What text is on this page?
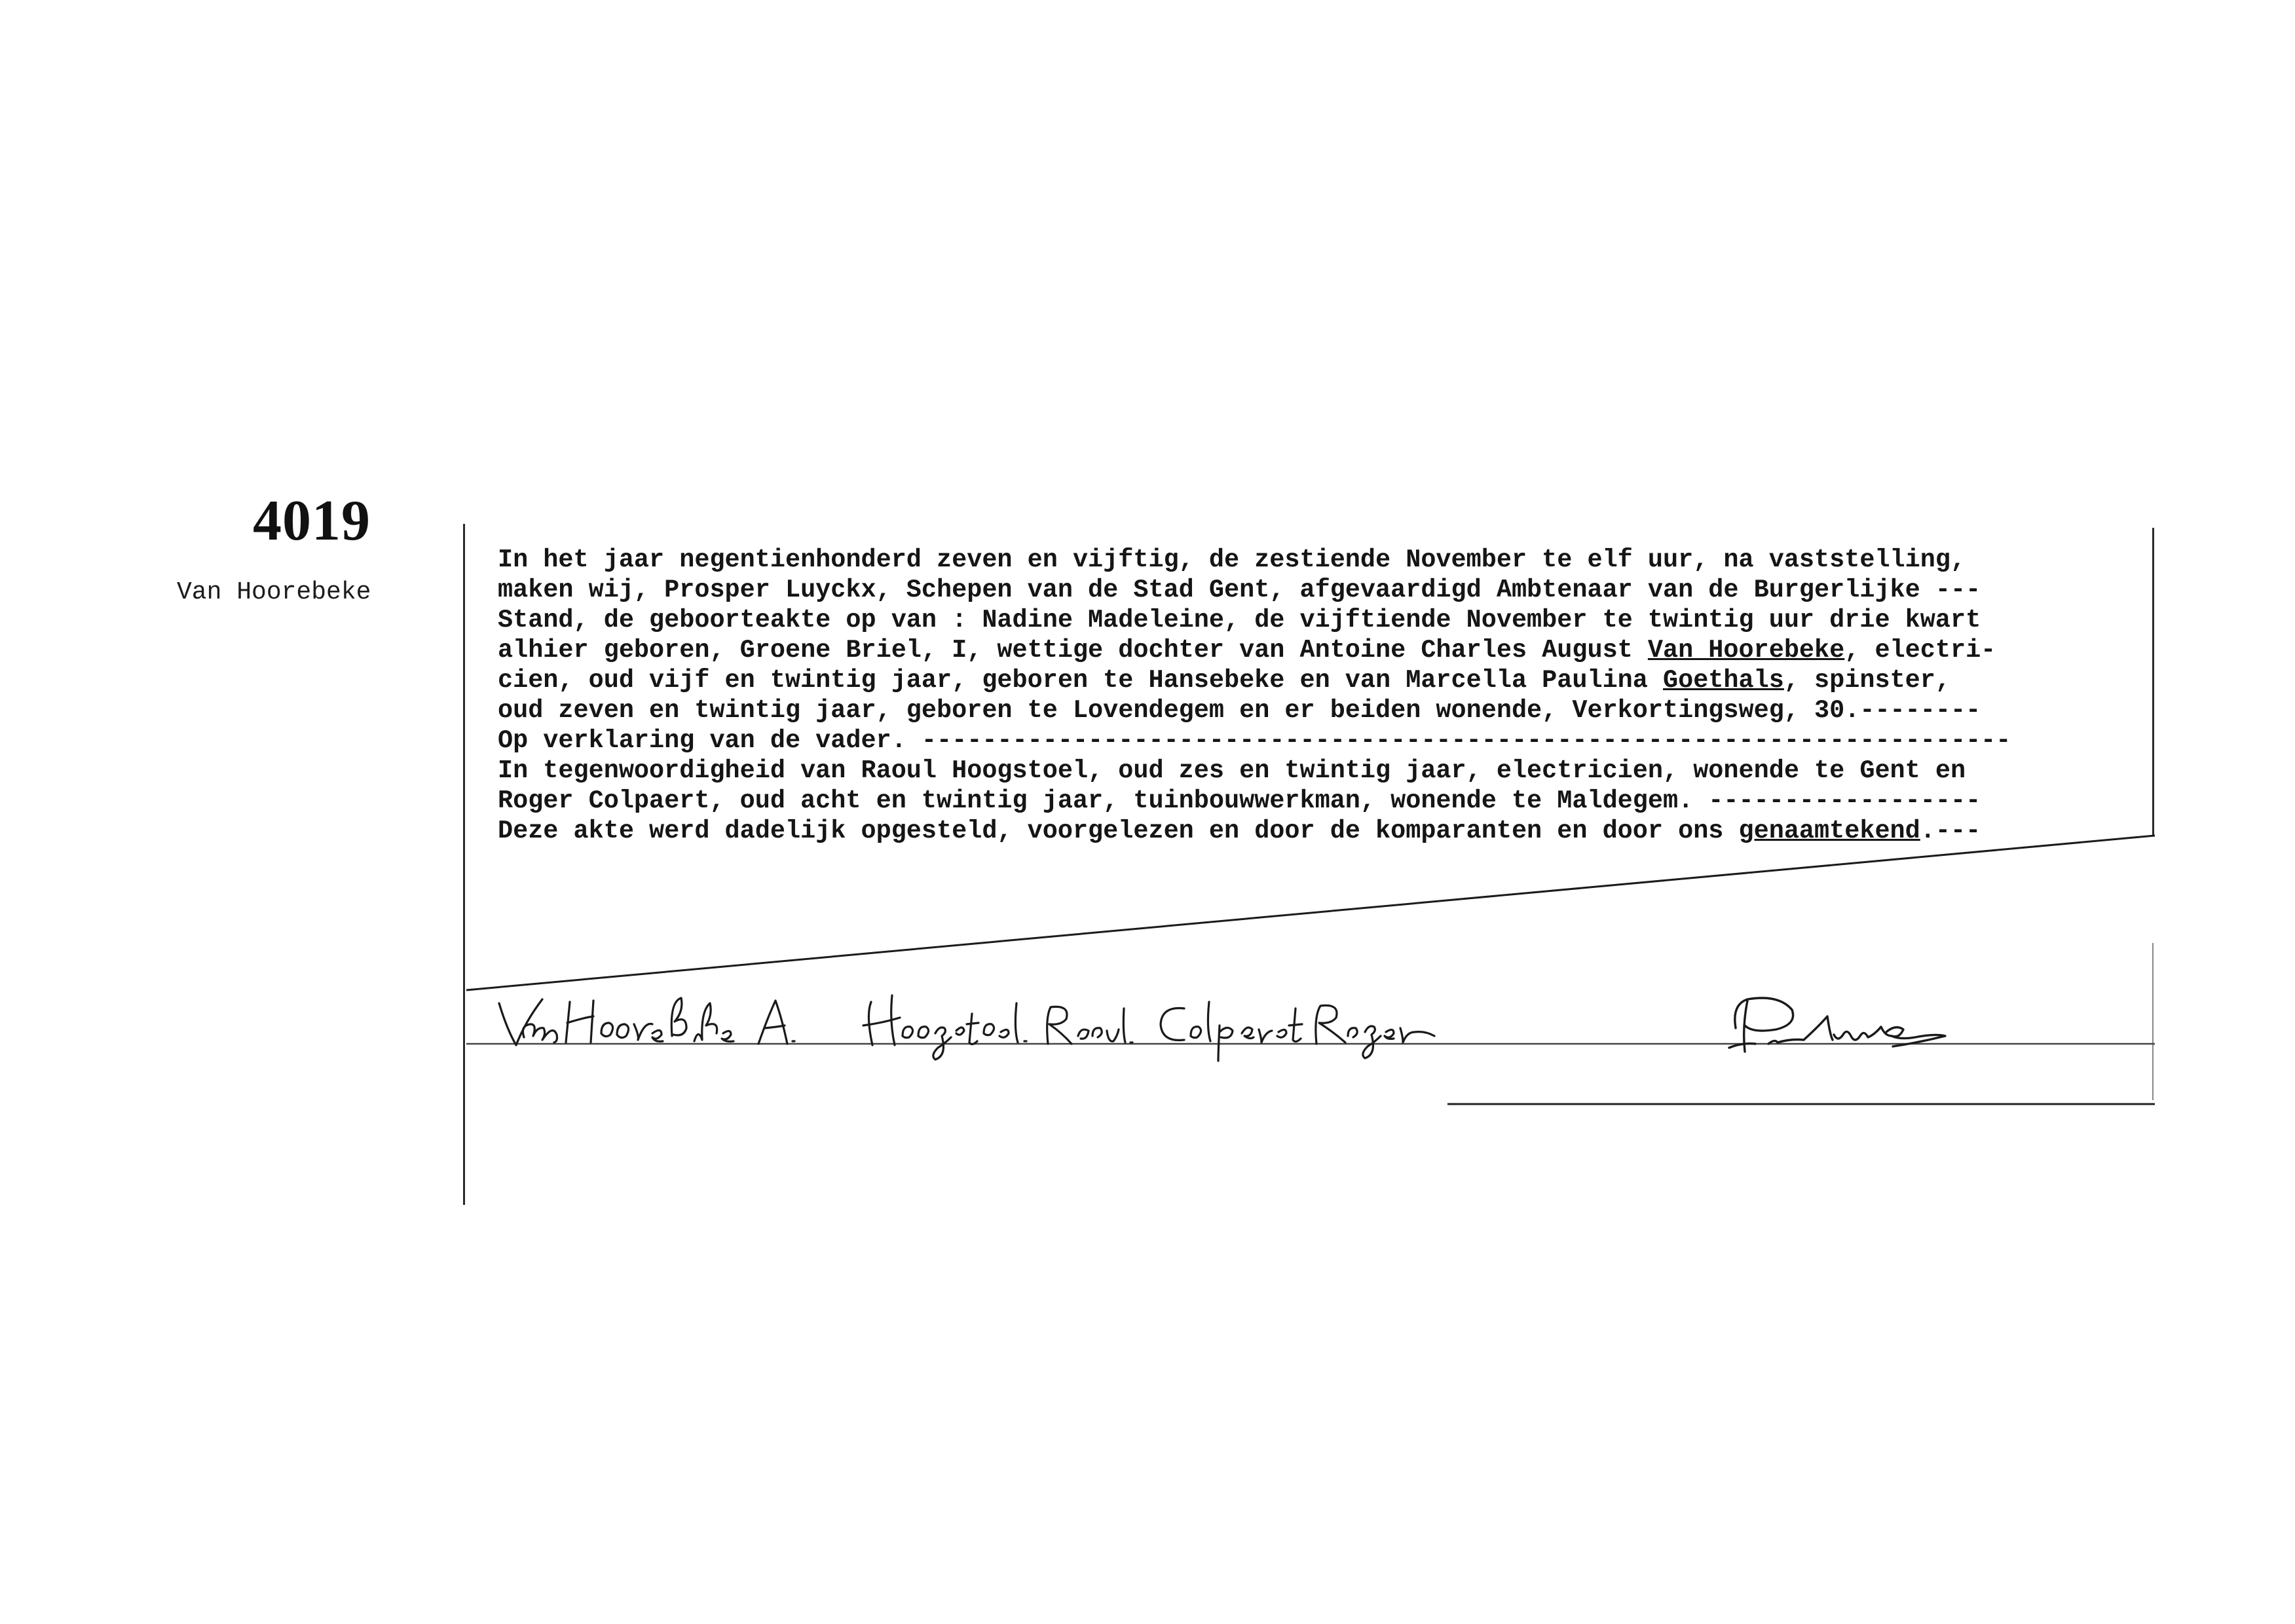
4019
Van Hoorebeke
In het jaar negentienhonderd zeven en vijftig, de zestiende November te elf uur, na vaststelling,
maken wij, Prosper Luyckx, Schepen van de Stad Gent, afgevaardigd Ambtenaar van de Burgerlijke ---
Stand, de geboorteakte op van : Nadine Madeleine, de vijftiende November te twintig uur drie kwart
alhier geboren, Groene Briel, I, wettige dochter van Antoine Charles August Van Hoorebeke, electri-
cien, oud vijf en twintig jaar, geboren te Hansebeke en van Marcella Paulina Goethals, spinster,
oud zeven en twintig jaar, geboren te Lovendegem en er beiden wonende, Verkortingsweg, 30.--------
Op verklaring van de vader. ------------------------------------------------------------------------
In tegenwoordigheid van Raoul Hoogstoel, oud zes en twintig jaar, electricien, wonende te Gent en
Roger Colpaert, oud acht en twintig jaar, tuinbouwwerkman, wonende te Maldegem. ------------------
Deze akte werd dadelijk opgesteld, voorgelezen en door de komparanten en door ons genaamtekend.---
